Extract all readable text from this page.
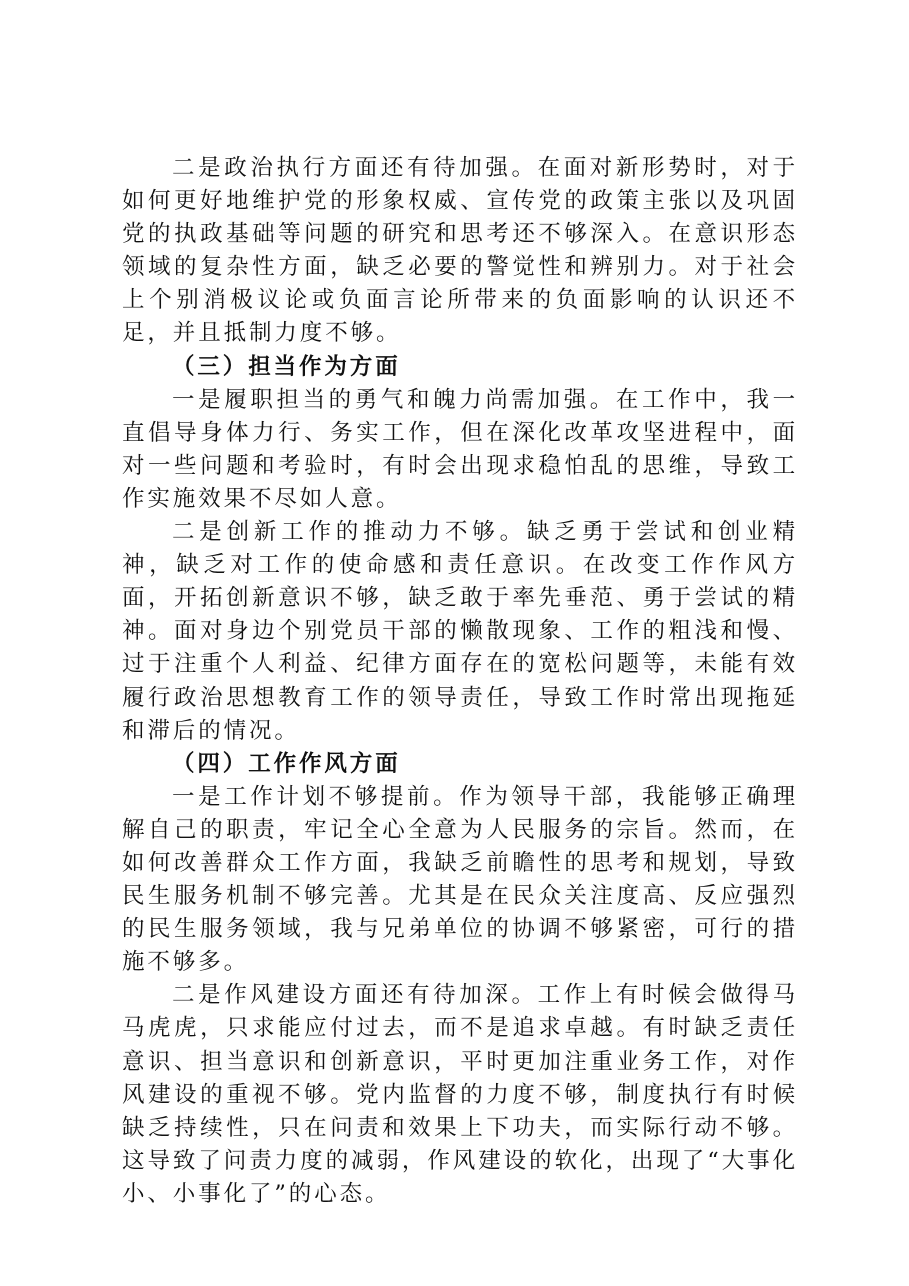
二是政治执行方面还有待加强。在面对新形势时，对于如何更好地维护党的形象权威、宣传党的政策主张以及巩固党的执政基础等问题的研究和思考还不够深入。在意识形态领域的复杂性方面，缺乏必要的警觉性和辨别力。对于社会上个别消极议论或负面言论所带来的负面影响的认识还不足，并且抵制力度不够。

（三）担当作为方面

一是履职担当的勇气和魄力尚需加强。在工作中，我一直倡导身体力行、务实工作，但在深化改革攻坚进程中，面对一些问题和考验时，有时会出现求稳怕乱的思维，导致工作实施效果不尽如人意。

二是创新工作的推动力不够。缺乏勇于尝试和创业精神，缺乏对工作的使命感和责任意识。在改变工作作风方面，开拓创新意识不够，缺乏敢于率先垂范、勇于尝试的精神。面对身边个别党员干部的懒散现象、工作的粗浅和慢、过于注重个人利益、纪律方面存在的宽松问题等，未能有效履行政治思想教育工作的领导责任，导致工作时常出现拖延和滞后的情况。

（四）工作作风方面

一是工作计划不够提前。作为领导干部，我能够正确理解自己的职责，牢记全心全意为人民服务的宗旨。然而，在如何改善群众工作方面，我缺乏前瞻性的思考和规划，导致民生服务机制不够完善。尤其是在民众关注度高、反应强烈的民生服务领域，我与兄弟单位的协调不够紧密，可行的措施不够多。

二是作风建设方面还有待加深。工作上有时候会做得马马虎虎，只求能应付过去，而不是追求卓越。有时缺乏责任意识、担当意识和创新意识，平时更加注重业务工作，对作风建设的重视不够。党内监督的力度不够，制度执行有时候缺乏持续性，只在问责和效果上下功夫，而实际行动不够。这导致了问责力度的减弱，作风建设的软化，出现了“大事化小、小事化了”的心态。
